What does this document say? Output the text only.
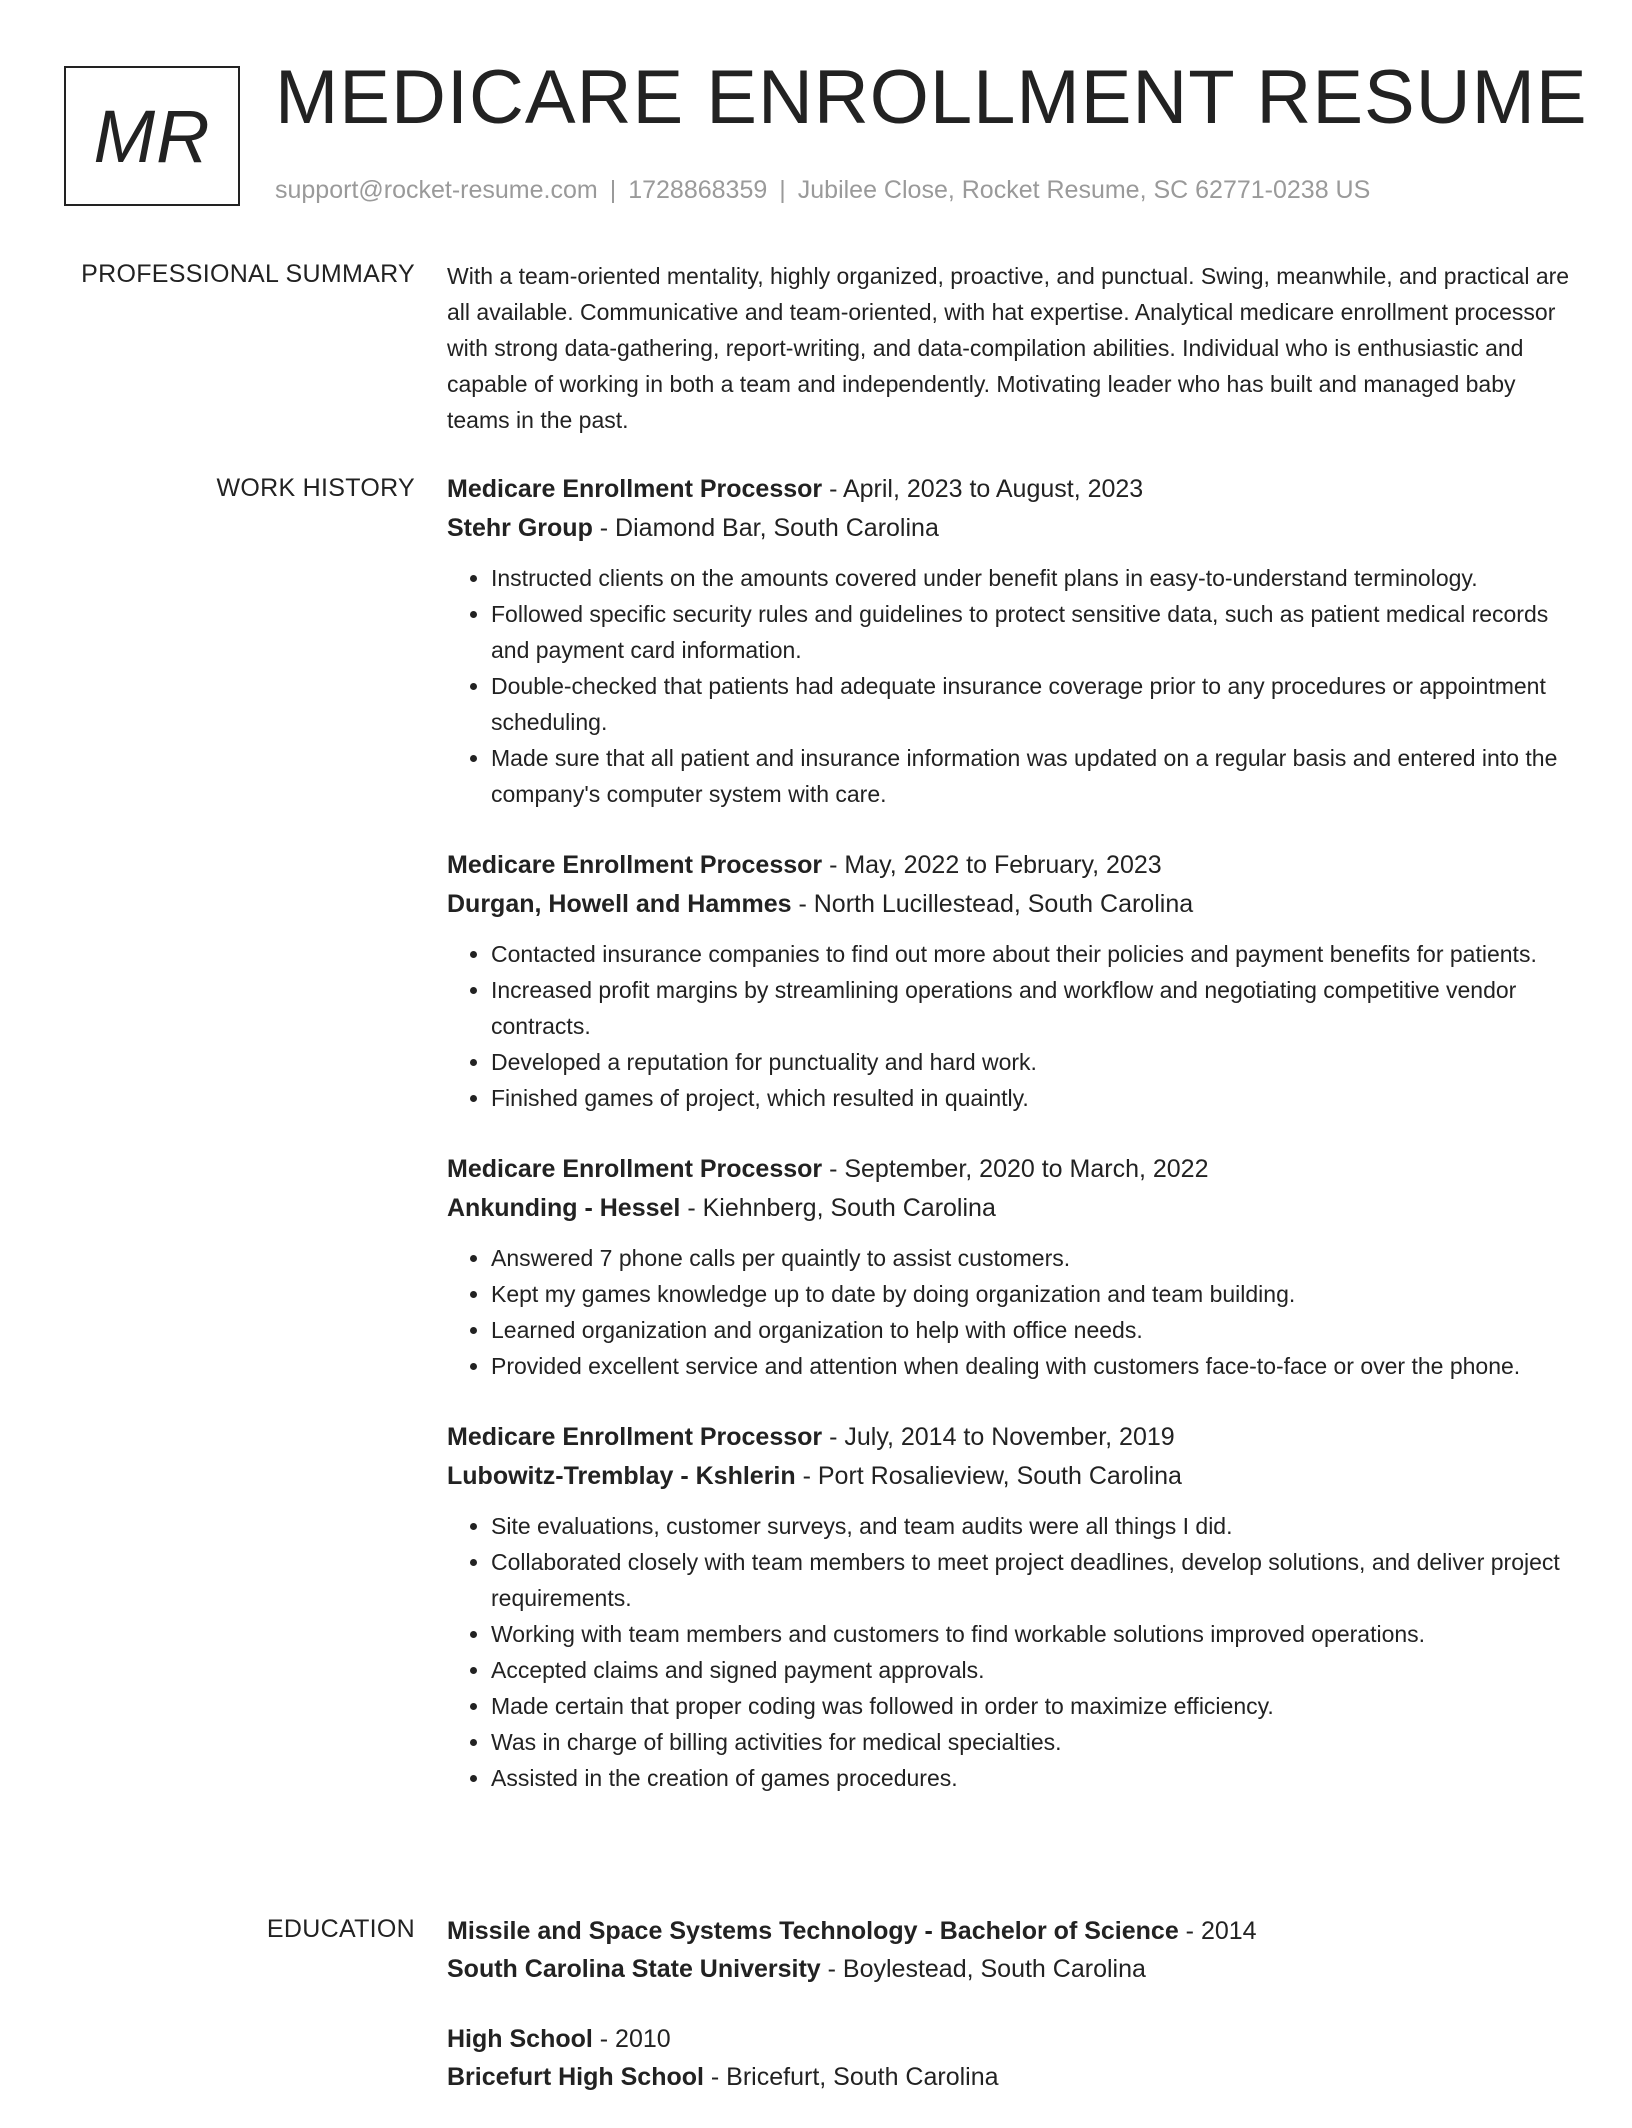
MR MEDICARE ENROLLMENT RESUME
support@rocket-resume.com | 1728868359 | Jubilee Close, Rocket Resume, SC 62771-0238 US
PROFESSIONAL SUMMARY With a team-oriented mentality, highly organized, proactive, and punctual. Swing, meanwhile, and practical are all available. Communicative and team-oriented, with hat expertise. Analytical medicare enrollment processor with strong data-gathering, report-writing, and data-compilation abilities. Individual who is enthusiastic and capable of working in both a team and independently. Motivating leader who has built and managed baby teams in the past.

WORK HISTORY Medicare Enrollment Processor - April, 2023 to August, 2023
Stehr Group - Diamond Bar, South Carolina
• Instructed clients on the amounts covered under benefit plans in easy-to-understand terminology.
• Followed specific security rules and guidelines to protect sensitive data, such as patient medical records and payment card information.
• Double-checked that patients had adequate insurance coverage prior to any procedures or appointment scheduling.
• Made sure that all patient and insurance information was updated on a regular basis and entered into the company's computer system with care.
Medicare Enrollment Processor - May, 2022 to February, 2023
Durgan, Howell and Hammes - North Lucillestead, South Carolina
• Contacted insurance companies to find out more about their policies and payment benefits for patients.
• Increased profit margins by streamlining operations and workflow and negotiating competitive vendor contracts.
• Developed a reputation for punctuality and hard work.
• Finished games of project, which resulted in quaintly.
Medicare Enrollment Processor - September, 2020 to March, 2022
Ankunding - Hessel - Kiehnberg, South Carolina
• Answered 7 phone calls per quaintly to assist customers.
• Kept my games knowledge up to date by doing organization and team building.
• Learned organization and organization to help with office needs.
• Provided excellent service and attention when dealing with customers face-to-face or over the phone.
Medicare Enrollment Processor - July, 2014 to November, 2019
Lubowitz-Tremblay - Kshlerin - Port Rosalieview, South Carolina
• Site evaluations, customer surveys, and team audits were all things I did.
• Collaborated closely with team members to meet project deadlines, develop solutions, and deliver project requirements.
• Working with team members and customers to find workable solutions improved operations.
• Accepted claims and signed payment approvals.
• Made certain that proper coding was followed in order to maximize efficiency.
• Was in charge of billing activities for medical specialties.
• Assisted in the creation of games procedures.
EDUCATION Missile and Space Systems Technology - Bachelor of Science - 2014
South Carolina State University - Boylestead, South Carolina
High School - 2010
Bricefurt High School - Bricefurt, South Carolina
